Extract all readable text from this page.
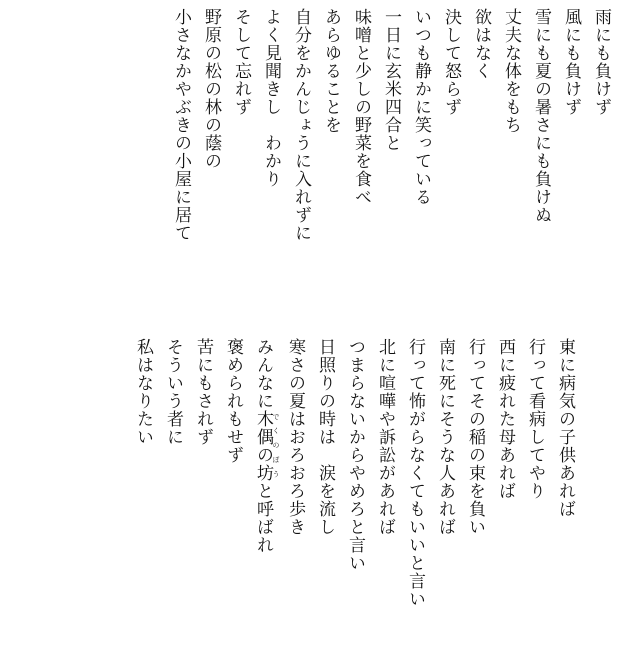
雨にも負けず
風にも負けず
雪にも夏の暑さにも負けぬ
丈夫な体をもち
欲はなく
決して怒らず
いつも静かに笑っている
一日に玄米四合と
味噌と少しの野菜を食べ
あらゆることを
自分をかんじょうに入れずに
よく見聞きし　わかり
そして忘れず
野原の松の林の蔭の
小さなかやぶきの小屋に居て
東に病気の子供あれば
行って看病してやり
西に疲れた母あれば
行ってその稲の束を負い
南に死にそうな人あれば
行って怖がらなくてもいいと言い
北に喧嘩や訴訟があれば
つまらないからやめろと言い
日照りの時は　涙を流し
寒さの夏はおろおろ歩き
みんなに木偶の坊 でくのぼうと呼ばれ
褒められもせず
苦にもされず
そういう者に
私はなりたい
